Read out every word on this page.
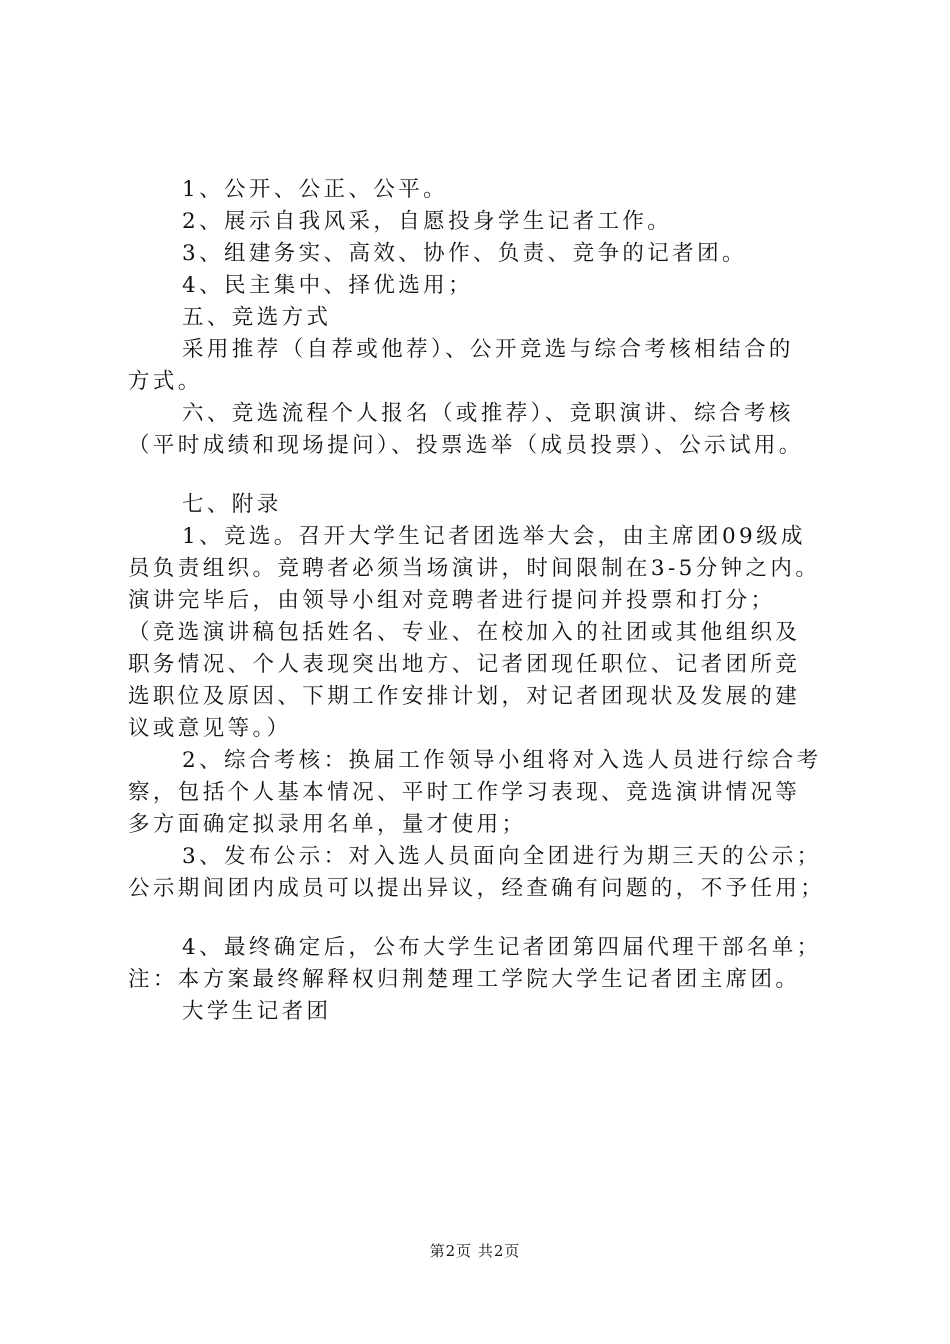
1、公开、公正、公平。

2、展示自我风采，自愿投身学生记者工作。

3、组建务实、高效、协作、负责、竞争的记者团。

4、民主集中、择优选用；

五、竞选方式

采用推荐（自荐或他荐）、公开竞选与综合考核相结合的

方式。

六、竞选流程个人报名（或推荐）、竞职演讲、综合考核

（平时成绩和现场提问）、投票选举（成员投票）、公示试用。

七、附录

1、竞选。召开大学生记者团选举大会，由主席团09级成

员负责组织。竞聘者必须当场演讲，时间限制在3-5分钟之内。

演讲完毕后，由领导小组对竞聘者进行提问并投票和打分；

（竞选演讲稿包括姓名、专业、在校加入的社团或其他组织及

职务情况、个人表现突出地方、记者团现任职位、记者团所竞

选职位及原因、下期工作安排计划，对记者团现状及发展的建

议或意见等。）

2、综合考核：换届工作领导小组将对入选人员进行综合考

察，包括个人基本情况、平时工作学习表现、竞选演讲情况等

多方面确定拟录用名单，量才使用；

3、发布公示：对入选人员面向全团进行为期三天的公示；

公示期间团内成员可以提出异议，经查确有问题的，不予任用；

4、最终确定后，公布大学生记者团第四届代理干部名单；

注：本方案最终解释权归荆楚理工学院大学生记者团主席团。

大学生记者团

第2页 共2页
